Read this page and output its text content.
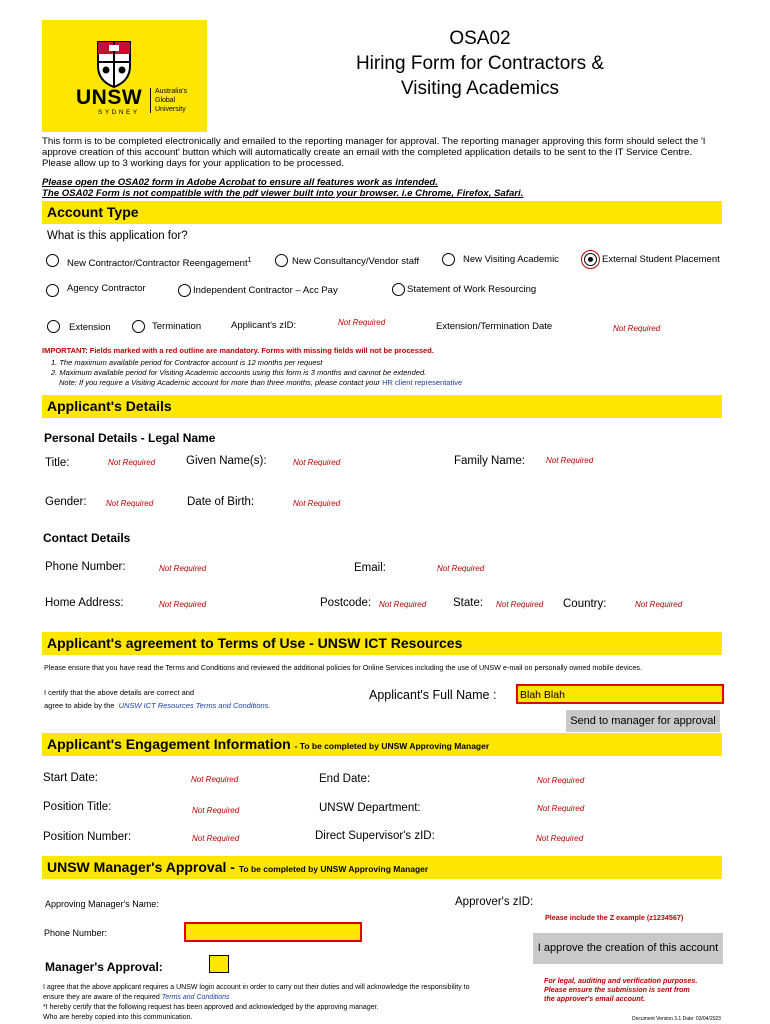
UNSW
SYDNEY
Australia's Global University
OSA02
Hiring Form for Contractors &
Visiting Academics
This form is to be completed electronically and emailed to the reporting manager for approval. The reporting manager approving this form should select the 'I approve creation of this account' button which will automatically create an email with the completed application details to be sent to the IT Service Centre. Please allow up to 3 working days for your application to be processed.
Please open the OSA02 form in Adobe Acrobat to ensure all features work as intended.
The OSA02 Form is not compatible with the pdf viewer built into your browser. i.e Chrome, Firefox, Safari.
Account Type
What is this application for?
New Contractor/Contractor Reengagement$^1$	New Consultancy/Vendor staff	New Visiting Academic	External Student Placement
Agency Contractor	Independent Contractor – Acc Pay	Statement of Work Resourcing
Extension	Termination	Applicant's zID:	Not Required	Extension/Termination Date	Not Required
IMPORTANT: Fields marked with a red outline are mandatory. Forms with missing fields will not be processed.
1. The maximum available period for Contractor account is 12 months per request
2. Maximum available period for Visiting Academic accounts using this form is 3 months and cannot be extended.
Note: If you require a Visiting Academic account for more than three months, please contact your HR client representative
Applicant's Details
Personal Details - Legal Name
Title:	Not Required	Given Name(s):	Not Required	Family Name:	Not Required
Gender: Not Required	Date of Birth:	Not Required
Contact Details
Phone Number:	Not Required	Email:	Not Required
Home Address:	Not Required	Postcode: Not Required State: Not Required Country:	Not Required
Applicant's agreement to Terms of Use - UNSW ICT Resources
Please ensure that you have read the Terms and Conditions and reviewed the additional policies for Online Services including the use of UNSW e-mail on personally owned mobile devices.
I certify that the above details are correct and
agree to abide by the UNSW ICT Resources Terms and Conditions.
Applicant's Full Name :	Blah Blah
Send to manager for approval
Applicant's Engagement Information - To be completed by UNSW Approving Manager
Start Date:	Not Required	End Date:	Not Required
Position Title:	Not Required	UNSW Department:	Not Required
Position Number:	Not Required	Direct Supervisor's zID:	Not Required
UNSW Manager's Approval - To be completed by UNSW Approving Manager
Approving Manager's Name:	Approver's zID:
Please include the Z example (z1234567)
Phone Number:
I approve the creation of this account
Manager's Approval:
I agree that the above applicant requires a UNSW login account in order to carry out their duties and will acknowledge the responsibility to
ensure they are aware of the required Terms and Conditions
*I hereby certify that the following request has been approved and acknowledged by the approving manager.
Who are hereby copied into this communication.
For legal, auditing and verification purposes.
Please ensure the submission is sent from
the approver's email account.
Document Version 3.1 Date: 03/04/2023
